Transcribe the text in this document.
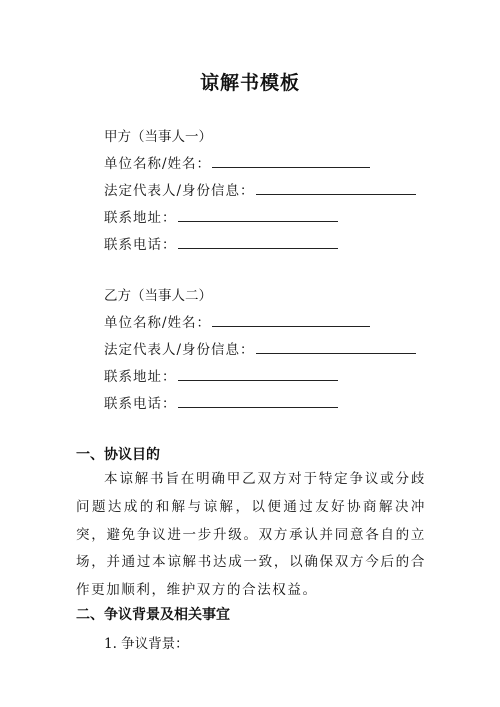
谅解书模板
甲方（当事人一）
单位名称/姓名：
法定代表人/身份信息：
联系地址：
联系电话：
乙方（当事人二）
单位名称/姓名：
法定代表人/身份信息：
联系地址：
联系电话：
一、协议目的
本谅解书旨在明确甲乙双方对于特定争议或分歧问题达成的和解与谅解，以便通过友好协商解决冲突，避免争议进一步升级。双方承认并同意各自的立场，并通过本谅解书达成一致，以确保双方今后的合作更加顺利，维护双方的合法权益。
二、争议背景及相关事宜
1. 争议背景：
